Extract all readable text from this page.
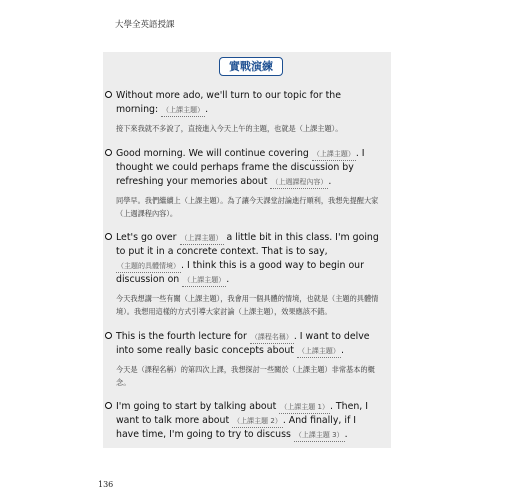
大學全英語授課
實戰演練
Without more ado, we'll turn to our topic for the morning: （上課主題）.
接下來我就不多說了，直接進入今天上午的主題，也就是（上課主題）。
Good morning. We will continue covering （上課主題）. I thought we could perhaps frame the discussion by refreshing your memories about （上週課程內容）.
同學早。我們繼續上（上課主題）。為了讓今天課堂討論進行順利，我想先提醒大家（上週課程內容）。
Let's go over （上課主題） a little bit in this class. I'm going to put it in a concrete context. That is to say, （主題的具體情境）. I think this is a good way to begin our discussion on （上課主題）.
今天我想講一些有關（上課主題），我會用一個具體的情境，也就是（主題的具體情境）。我想用這樣的方式引導大家討論（上課主題），效果應該不錯。
This is the fourth lecture for （課程名稱）. I want to delve into some really basic concepts about （上課主題）.
今天是（課程名稱）的第四次上課，我想探討一些關於（上課主題）非常基本的概念。
I'm going to start by talking about （上課主題 1）. Then, I want to talk more about （上課主題 2）. And finally, if I have time, I'm going to try to discuss （上課主題 3）.
136
